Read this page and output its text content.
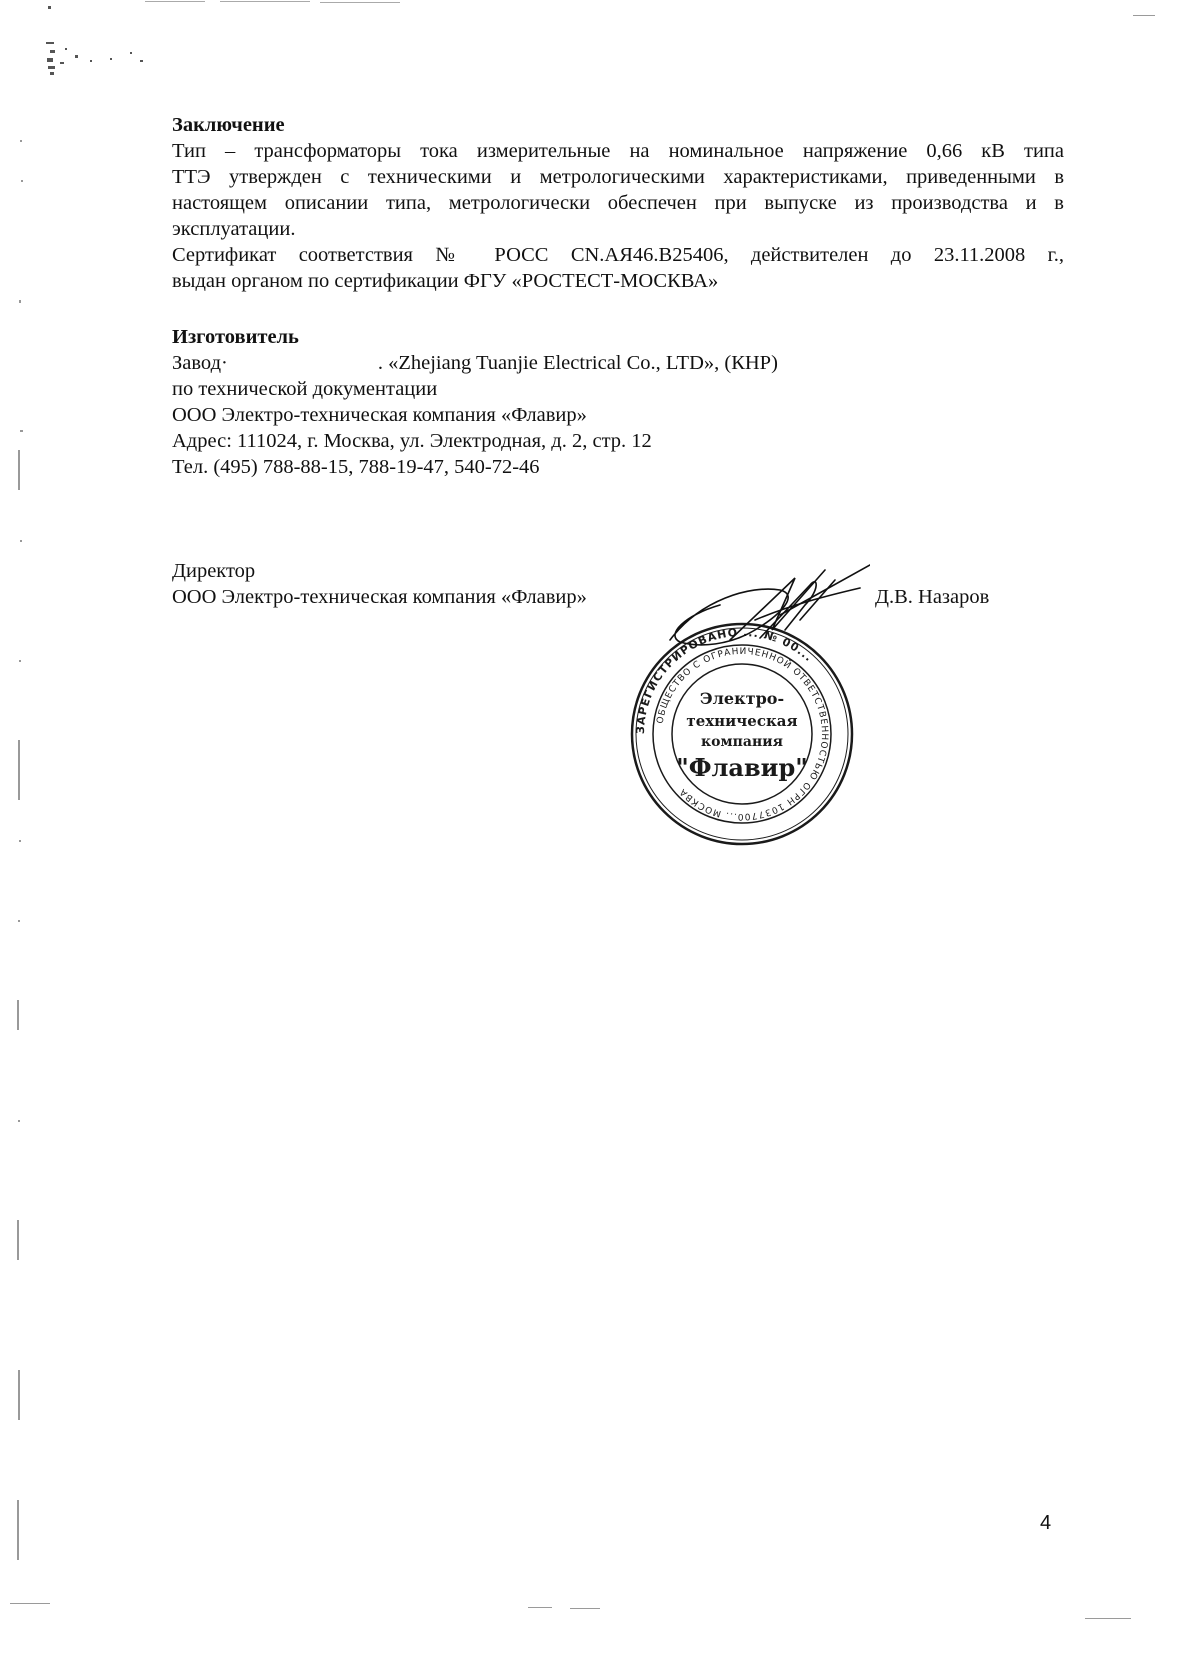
Заключение
Тип – трансформаторы тока измерительные на номинальное напряжение 0,66 кВ типа
ТТЭ утвержден с техническими и метрологическими характеристиками, приведенными в
настоящем описании типа, метрологически обеспечен при выпуске из производства и в
эксплуатации.
Сертификат соответствия № РОСС CN.АЯ46.В25406, действителен до 23.11.2008 г.,
выдан органом по сертификации ФГУ «РОСТЕСТ-МОСКВА»
Изготовитель
Завод·	. «Zhejiang Tuanjie Electrical Co., LTD», (КНР)
по технической документации
ООО Электро-техническая компания «Флавир»
Адрес: 111024, г. Москва, ул. Электродная, д. 2, стр. 12
Тел. (495) 788-88-15, 788-19-47, 540-72-46
Директор
ООО Электро-техническая компания «Флавир»	Д.В. Назаров
ЗАРЕГИСТРИРОВАНО ... № 00...
ОБЩЕСТВО С ОГРАНИЧЕННОЙ ОТВЕТСТВЕННОСТЬЮ ОГРН 1037700... МОСКВА
Электро-
техническая
компания
"Флавир"
4
